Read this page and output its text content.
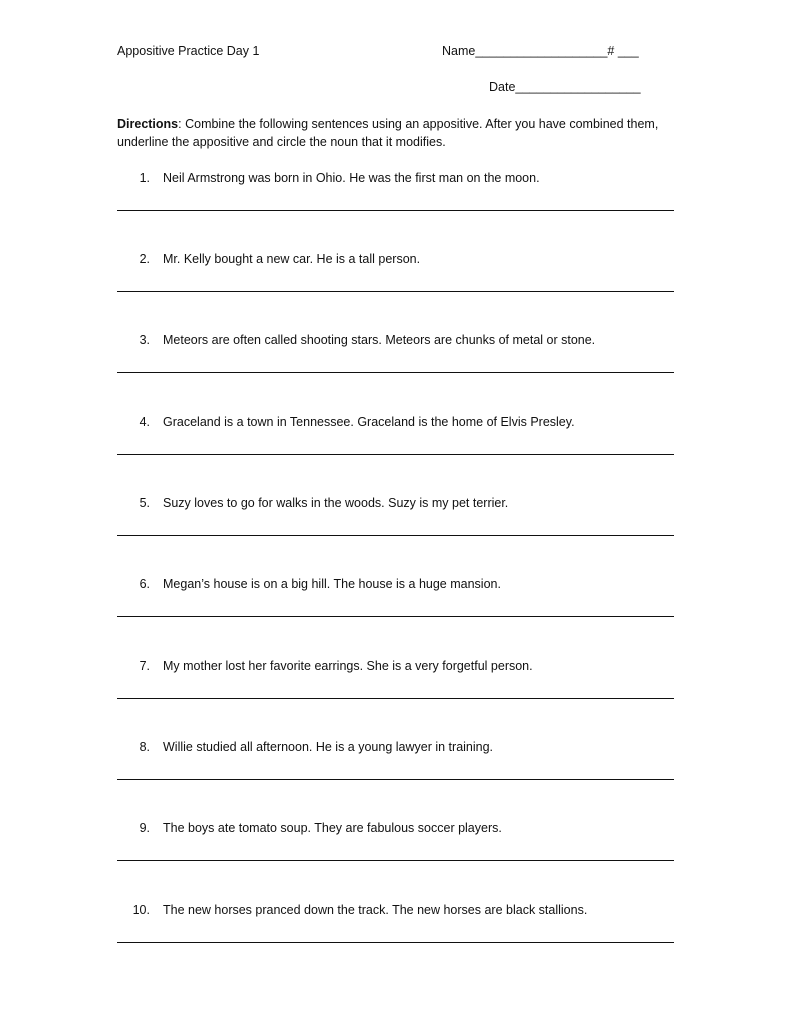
Appositive Practice Day 1	Name___________________# ___
Date__________________
Directions: Combine the following sentences using an appositive. After you have combined them, underline the appositive and circle the noun that it modifies.
1. Neil Armstrong was born in Ohio. He was the first man on the moon.
2. Mr. Kelly bought a new car. He is a tall person.
3. Meteors are often called shooting stars. Meteors are chunks of metal or stone.
4. Graceland is a town in Tennessee. Graceland is the home of Elvis Presley.
5. Suzy loves to go for walks in the woods. Suzy is my pet terrier.
6. Megan’s house is on a big hill. The house is a huge mansion.
7. My mother lost her favorite earrings. She is a very forgetful person.
8. Willie studied all afternoon. He is a young lawyer in training.
9. The boys ate tomato soup. They are fabulous soccer players.
10. The new horses pranced down the track. The new horses are black stallions.
